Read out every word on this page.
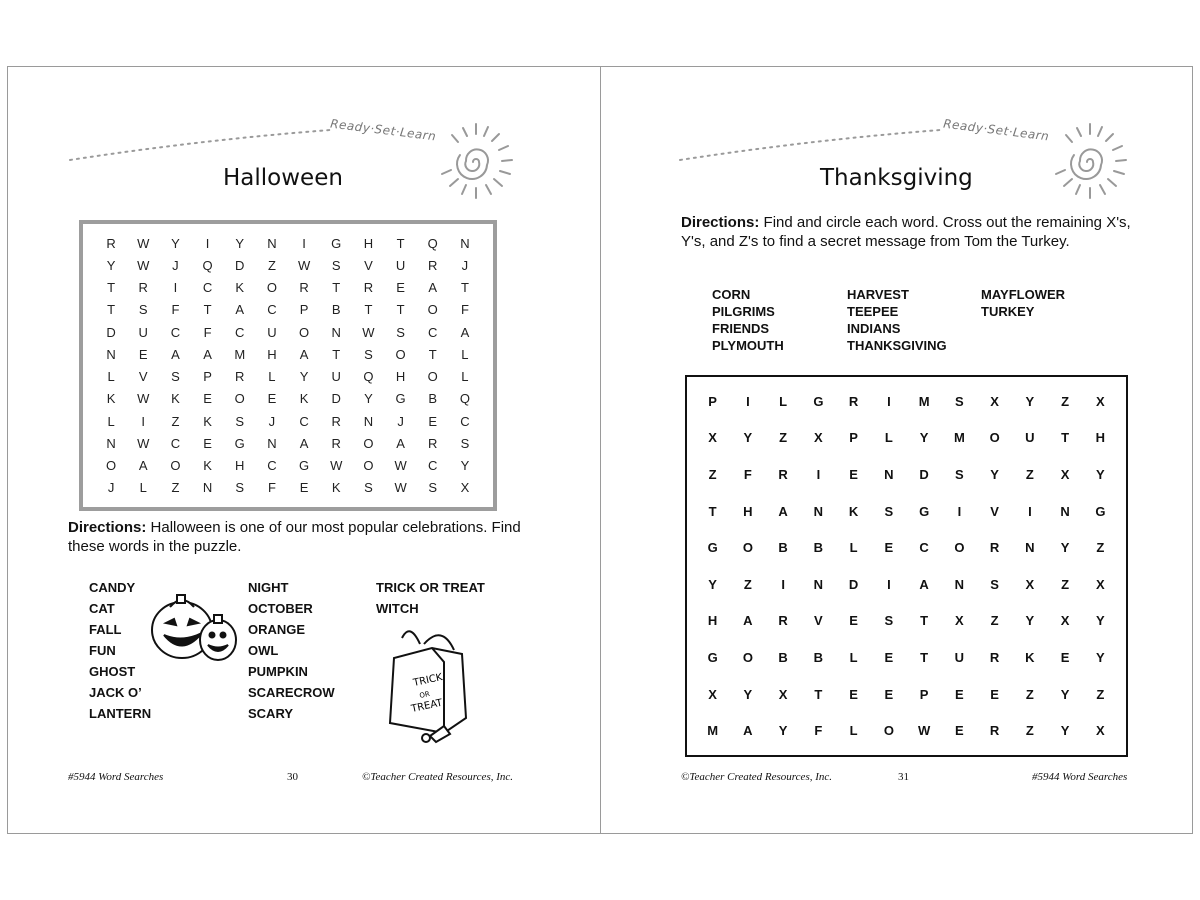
Ready·Set·Learn
Halloween
R	W	Y	I	Y	N	I	G	H	T	Q	N
Y	W	J	Q	D	Z	W	S	V	U	R	J
T	R	I	C	K	O	R	T	R	E	A	T
T	S	F	T	A	C	P	B	T	T	O	F
D	U	C	F	C	U	O	N	W	S	C	A
N	E	A	A	M	H	A	T	S	O	T	L
L	V	S	P	R	L	Y	U	Q	H	O	L
K	W	K	E	O	E	K	D	Y	G	B	Q
L	I	Z	K	S	J	C	R	N	J	E	C
N	W	C	E	G	N	A	R	O	A	R	S
O	A	O	K	H	C	G	W	O	W	C	Y
J	L	Z	N	S	F	E	K	S	W	S	X
Directions: Halloween is one of our most popular celebrations. Find these words in the puzzle.
CANDY
CAT
FALL
FUN
GHOST
JACK O’
LANTERN
NIGHT
OCTOBER
ORANGE
OWL
PUMPKIN
SCARECROW
SCARY
TRICK OR TREAT
WITCH
TRICK
OR
TREAT
#5944 Word Searches	30	©Teacher Created Resources, Inc.
Ready·Set·Learn
Thanksgiving
Directions: Find and circle each word. Cross out the remaining X's, Y's, and Z's to find a secret message from Tom the Turkey.
CORN
PILGRIMS
FRIENDS
PLYMOUTH
HARVEST
TEEPEE
INDIANS
THANKSGIVING
MAYFLOWER
TURKEY
P	I	L	G	R	I	M	S	X	Y	Z	X
X	Y	Z	X	P	L	Y	M	O	U	T	H
Z	F	R	I	E	N	D	S	Y	Z	X	Y
T	H	A	N	K	S	G	I	V	I	N	G
G	O	B	B	L	E	C	O	R	N	Y	Z
Y	Z	I	N	D	I	A	N	S	X	Z	X
H	A	R	V	E	S	T	X	Z	Y	X	Y
G	O	B	B	L	E	T	U	R	K	E	Y
X	Y	X	T	E	E	P	E	E	Z	Y	Z
M	A	Y	F	L	O	W	E	R	Z	Y	X
©Teacher Created Resources, Inc.	31	#5944 Word Searches
